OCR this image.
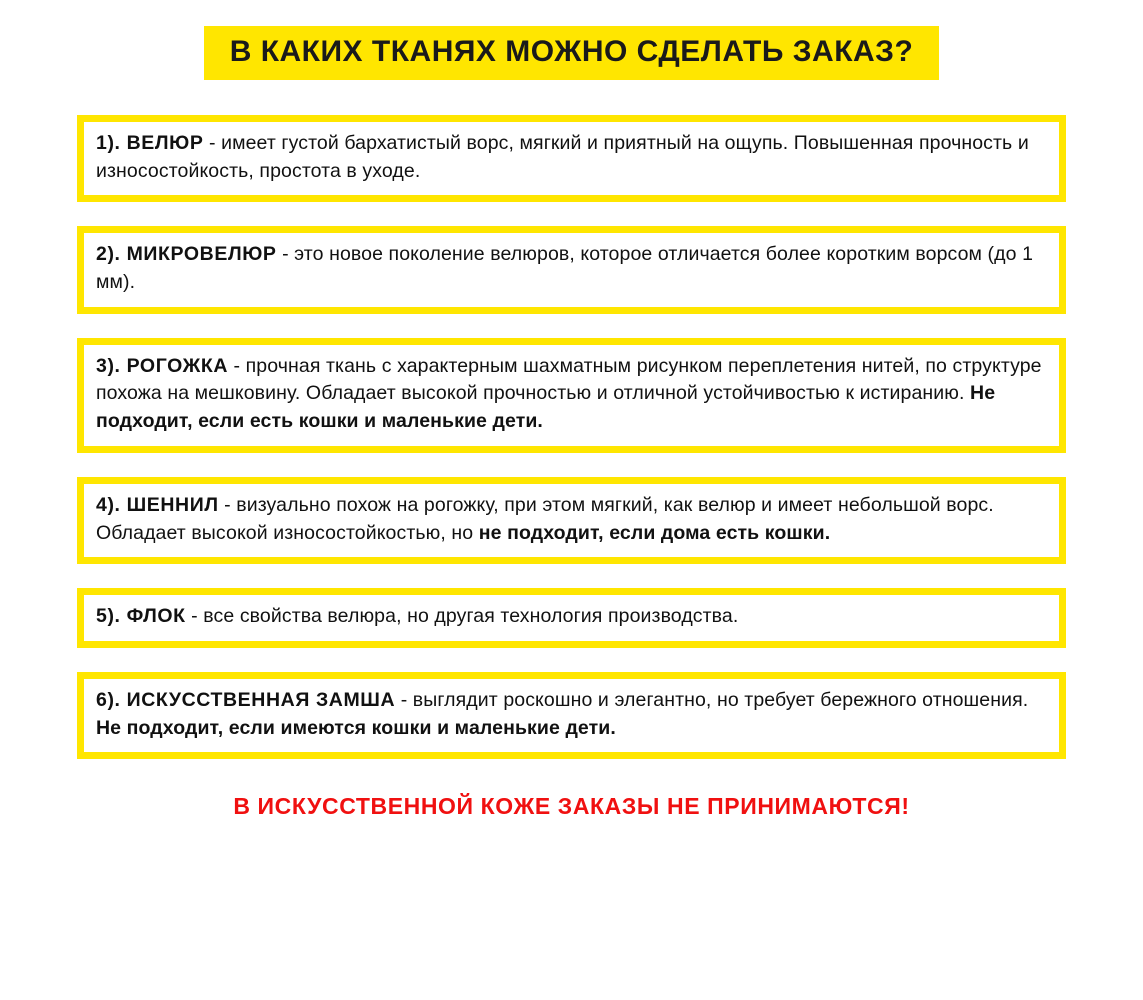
В КАКИХ ТКАНЯХ МОЖНО СДЕЛАТЬ ЗАКАЗ?
1). ВЕЛЮР - имеет густой бархатистый ворс, мягкий и приятный на ощупь. Повышенная прочность и износостойкость, простота в уходе.
2). МИКРОВЕЛЮР - это новое поколение велюров, которое отличается более коротким ворсом (до 1 мм).
3). РОГОЖКА - прочная ткань с характерным шахматным рисунком переплетения нитей, по структуре похожа на мешковину. Обладает высокой прочностью и отличной устойчивостью к истиранию. Не подходит, если есть кошки и маленькие дети.
4). ШЕННИЛ - визуально похож на рогожку, при этом мягкий, как велюр и имеет небольшой ворс. Обладает высокой износостойкостью, но не подходит, если дома есть кошки.
5). ФЛОК - все свойства велюра, но другая технология производства.
6). ИСКУССТВЕННАЯ ЗАМША - выглядит роскошно и элегантно, но требует бережного отношения. Не подходит, если имеются кошки и маленькие дети.
В ИСКУССТВЕННОЙ КОЖЕ ЗАКАЗЫ НЕ ПРИНИМАЮТСЯ!
